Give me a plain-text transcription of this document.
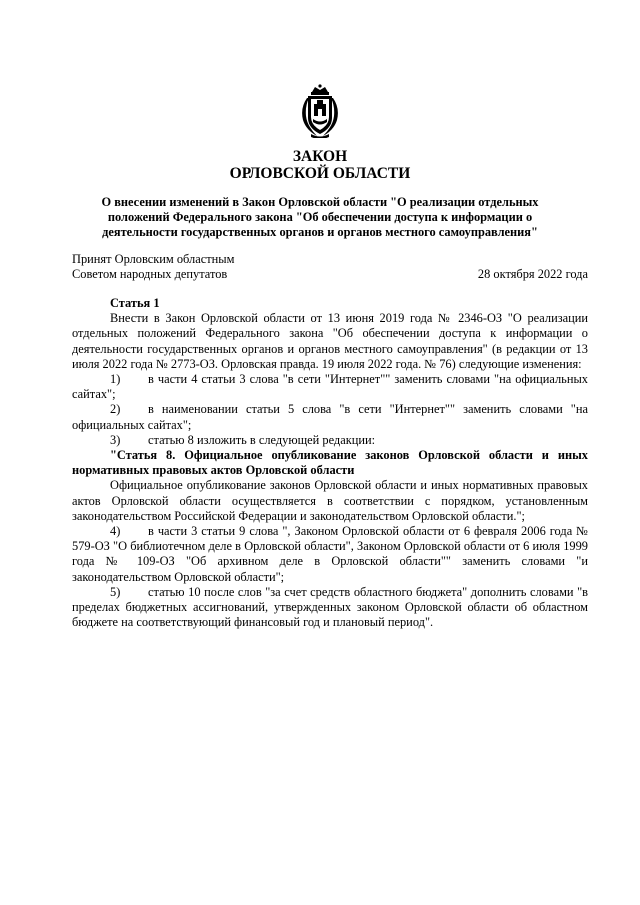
ЗАКОН
ОРЛОВСКОЙ ОБЛАСТИ
О внесении изменений в Закон Орловской области "О реализации отдельных положений Федерального закона "Об обеспечении доступа к информации о деятельности государственных органов и органов местного самоуправления"
Принят Орловским областным
Советом народных депутатов	28 октября 2022 года

Статья 1

Внести в Закон Орловской области от 13 июня 2019 года № 2346-ОЗ "О реализации отдельных положений Федерального закона "Об обеспечении доступа к информации о деятельности государственных органов и органов местного самоуправления" (в редакции от 13 июля 2022 года № 2773-ОЗ. Орловская правда. 19 июля 2022 года. № 76) следующие изменения:

1) в части 4 статьи 3 слова "в сети "Интернет"" заменить словами "на официальных сайтах";

2) в наименовании статьи 5 слова "в сети "Интернет"" заменить словами "на официальных сайтах";

3) статью 8 изложить в следующей редакции:

"Статья 8. Официальное опубликование законов Орловской области и иных нормативных правовых актов Орловской области

Официальное опубликование законов Орловской области и иных нормативных правовых актов Орловской области осуществляется в соответствии с порядком, установленным законодательством Российской Федерации и законодательством Орловской области.";

4) в части 3 статьи 9 слова ", Законом Орловской области от 6 февраля 2006 года № 579-ОЗ "О библиотечном деле в Орловской области", Законом Орловской области от 6 июля 1999 года № 109-ОЗ "Об архивном деле в Орловской области"" заменить словами "и законодательством Орловской области";

5) статью 10 после слов "за счет средств областного бюджета" дополнить словами "в пределах бюджетных ассигнований, утвержденных законом Орловской области об областном бюджете на соответствующий финансовый год и плановый период".
